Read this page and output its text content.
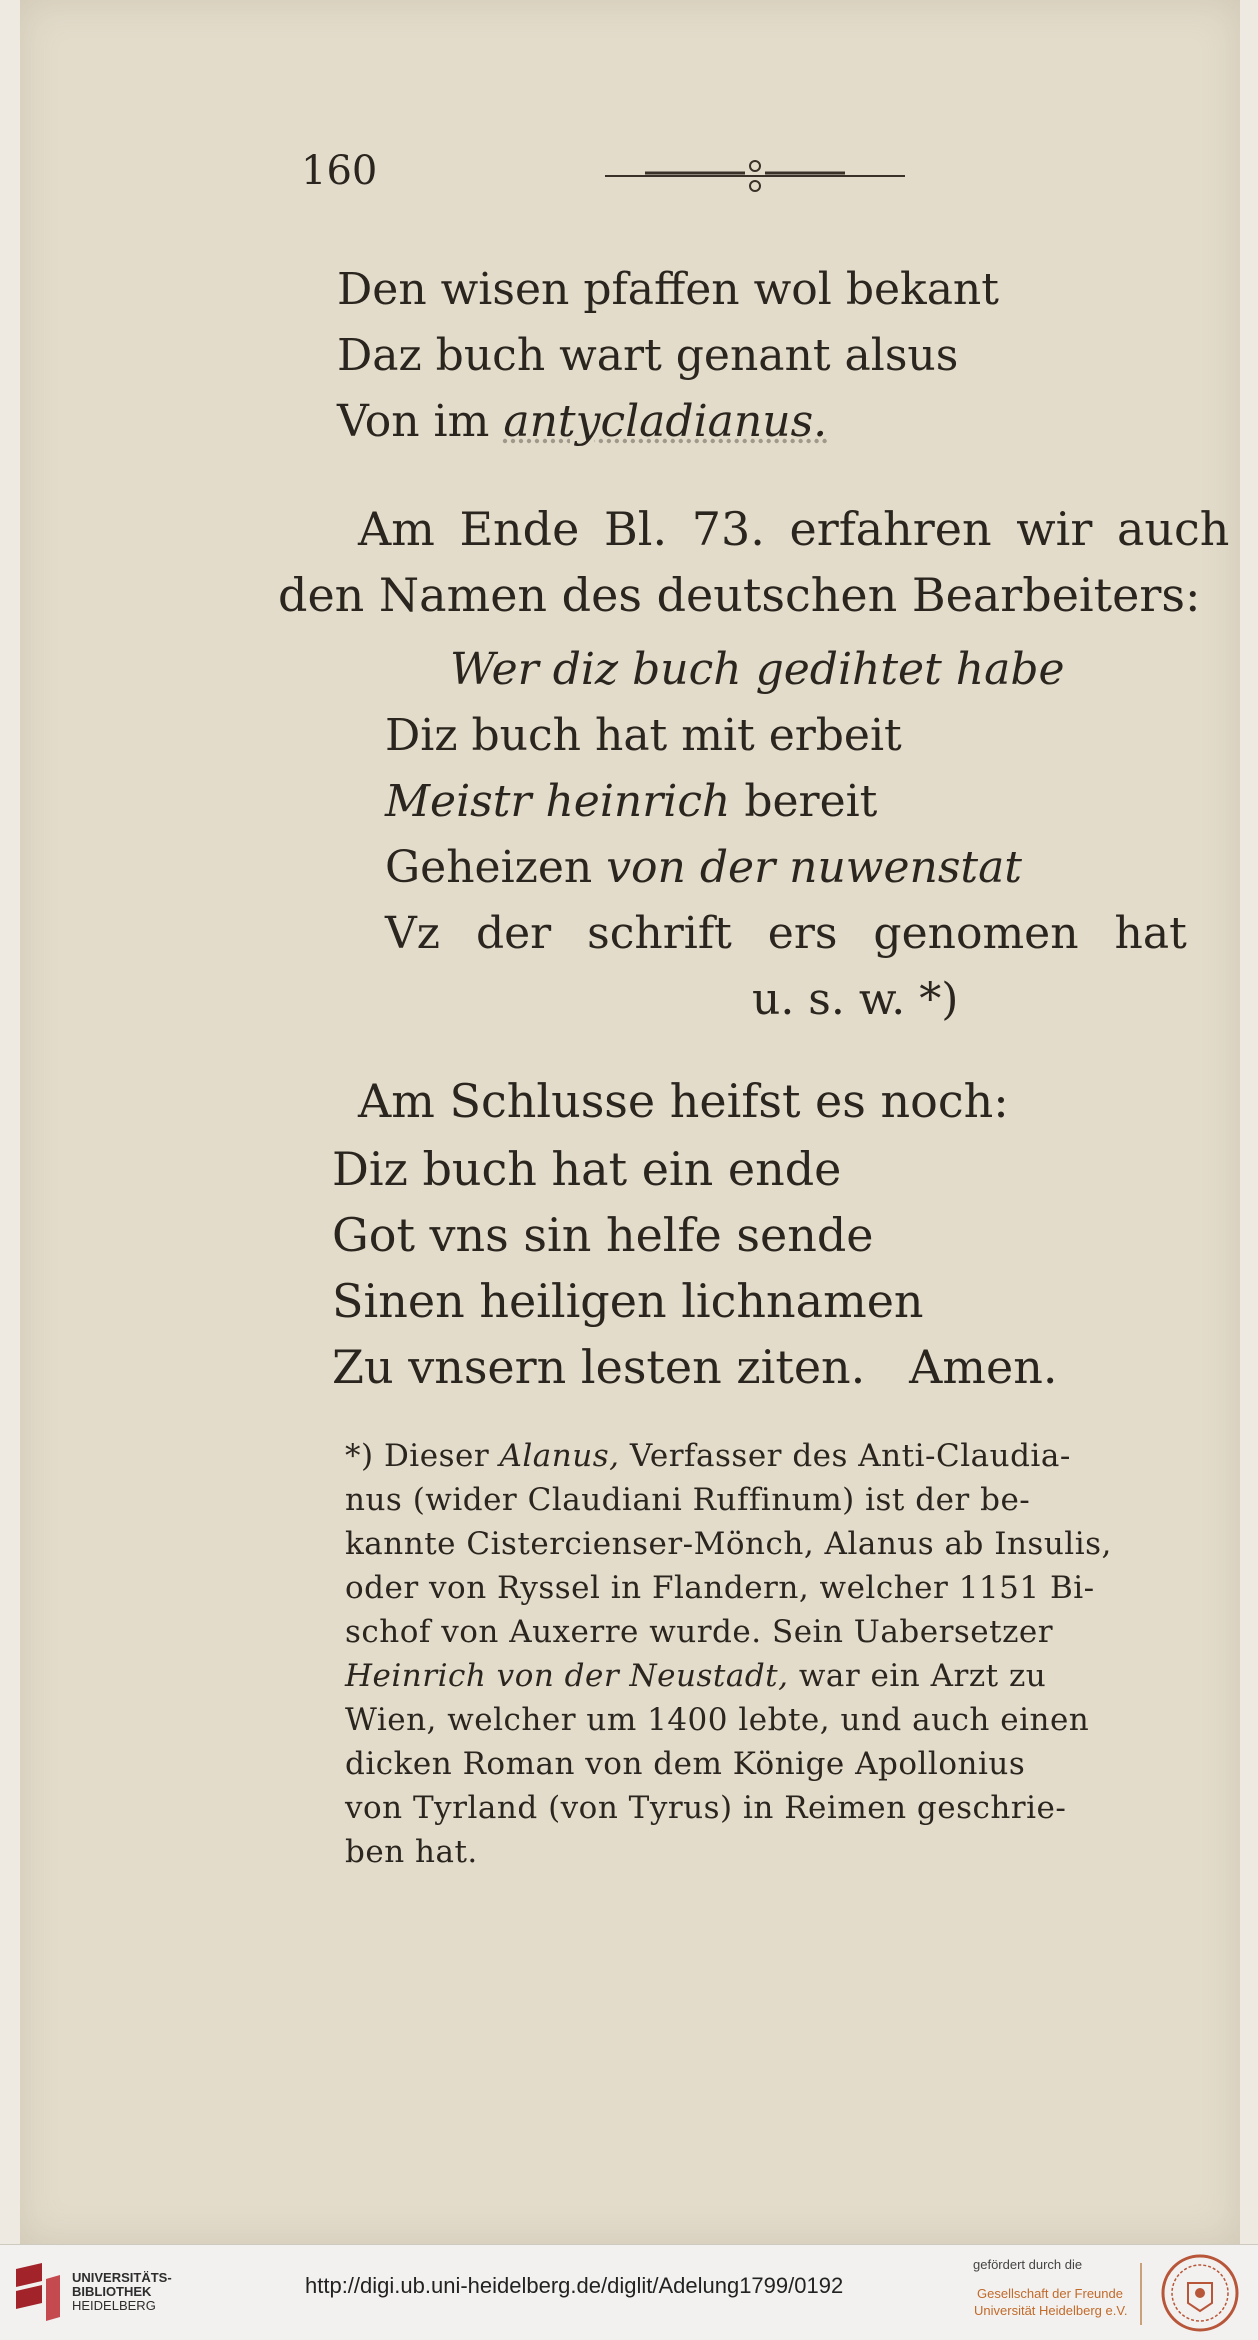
160
Den wisen pfaffen wol bekant
Daz buch wart genant alsus
Von im antycladianus.
Am Ende Bl. 73. erfahren wir auch
den Namen des deutschen Bearbeiters:
Wer diz buch gedihtet habe
Diz buch hat mit erbeit
Meistr heinrich bereit
Geheizen von der nuwenstat
Vz der schrift ers genomen hat
u. s. w. *)
Am Schlusse heifst es noch:
Diz buch hat ein ende
Got vns sin helfe sende
Sinen heiligen lichnamen
Zu vnsern lesten ziten.   Amen.
*) Dieser Alanus, Verfasser des Anti-Claudia-
nus (wider Claudiani Ruffinum) ist der be-
kannte Cistercienser-Mönch, Alanus ab Insulis,
oder von Ryssel in Flandern, welcher 1151 Bi-
schof von Auxerre wurde. Sein Uabersetzer
Heinrich von der Neustadt, war ein Arzt zu
Wien, welcher um 1400 lebte, und auch einen
dicken Roman von dem Könige Apollonius
von Tyrland (von Tyrus) in Reimen geschrie-
ben hat.
UNIVERSITÄTS-
BIBLIOTHEK
HEIDELBERG
http://digi.ub.uni-heidelberg.de/diglit/Adelung1799/0192
gefördert durch die
Gesellschaft der Freunde
Universität Heidelberg e.V.
